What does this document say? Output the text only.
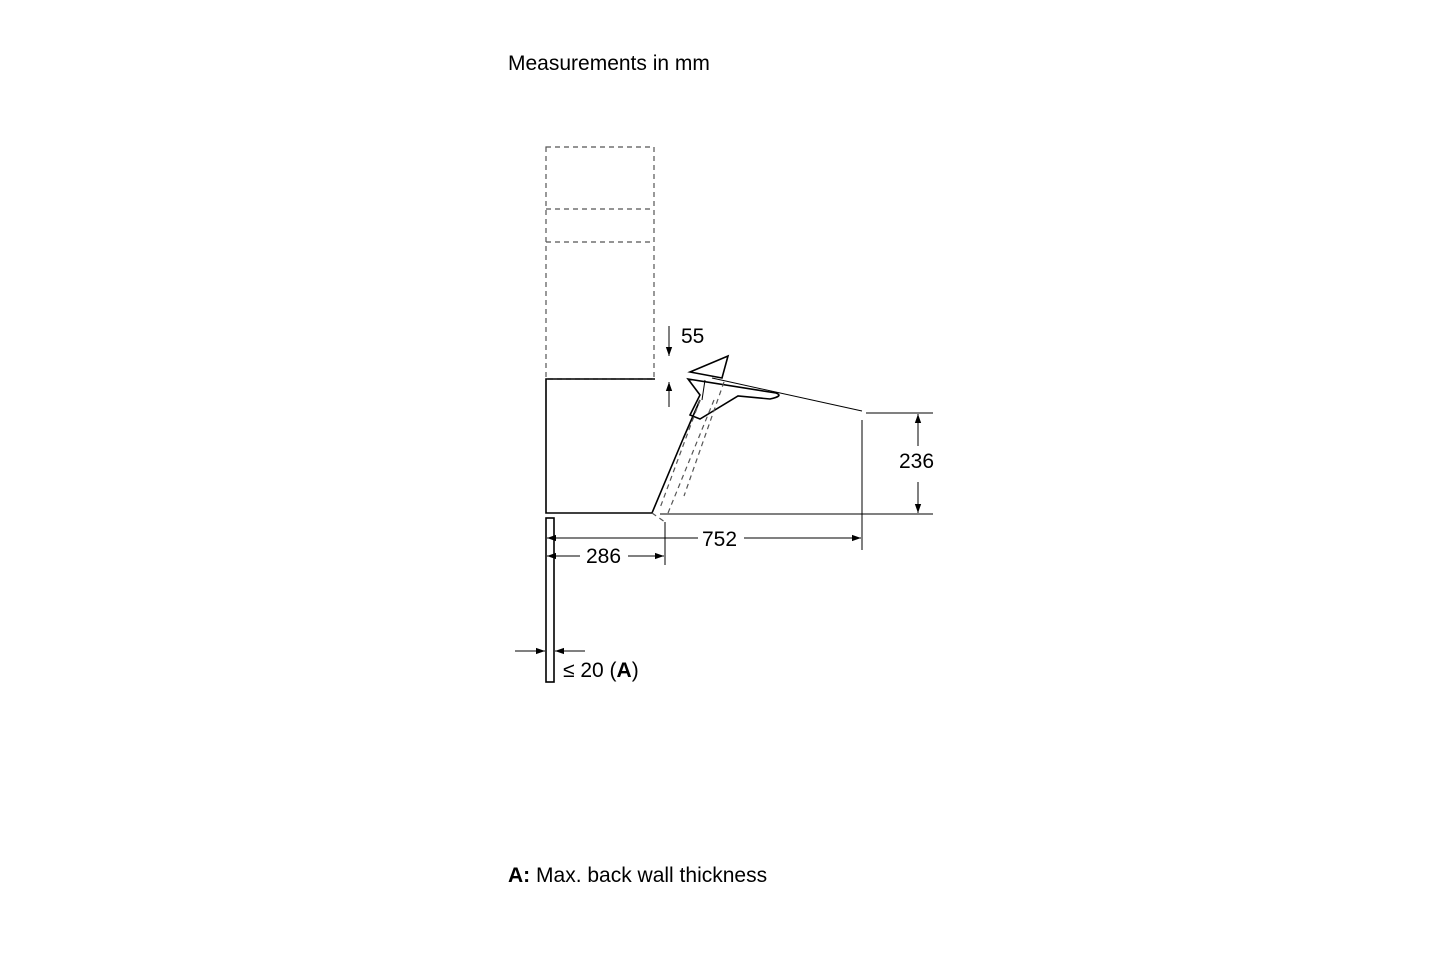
Measurements in mm
55
236
752
286
≤ 20 (A)
A: Max. back wall thickness
